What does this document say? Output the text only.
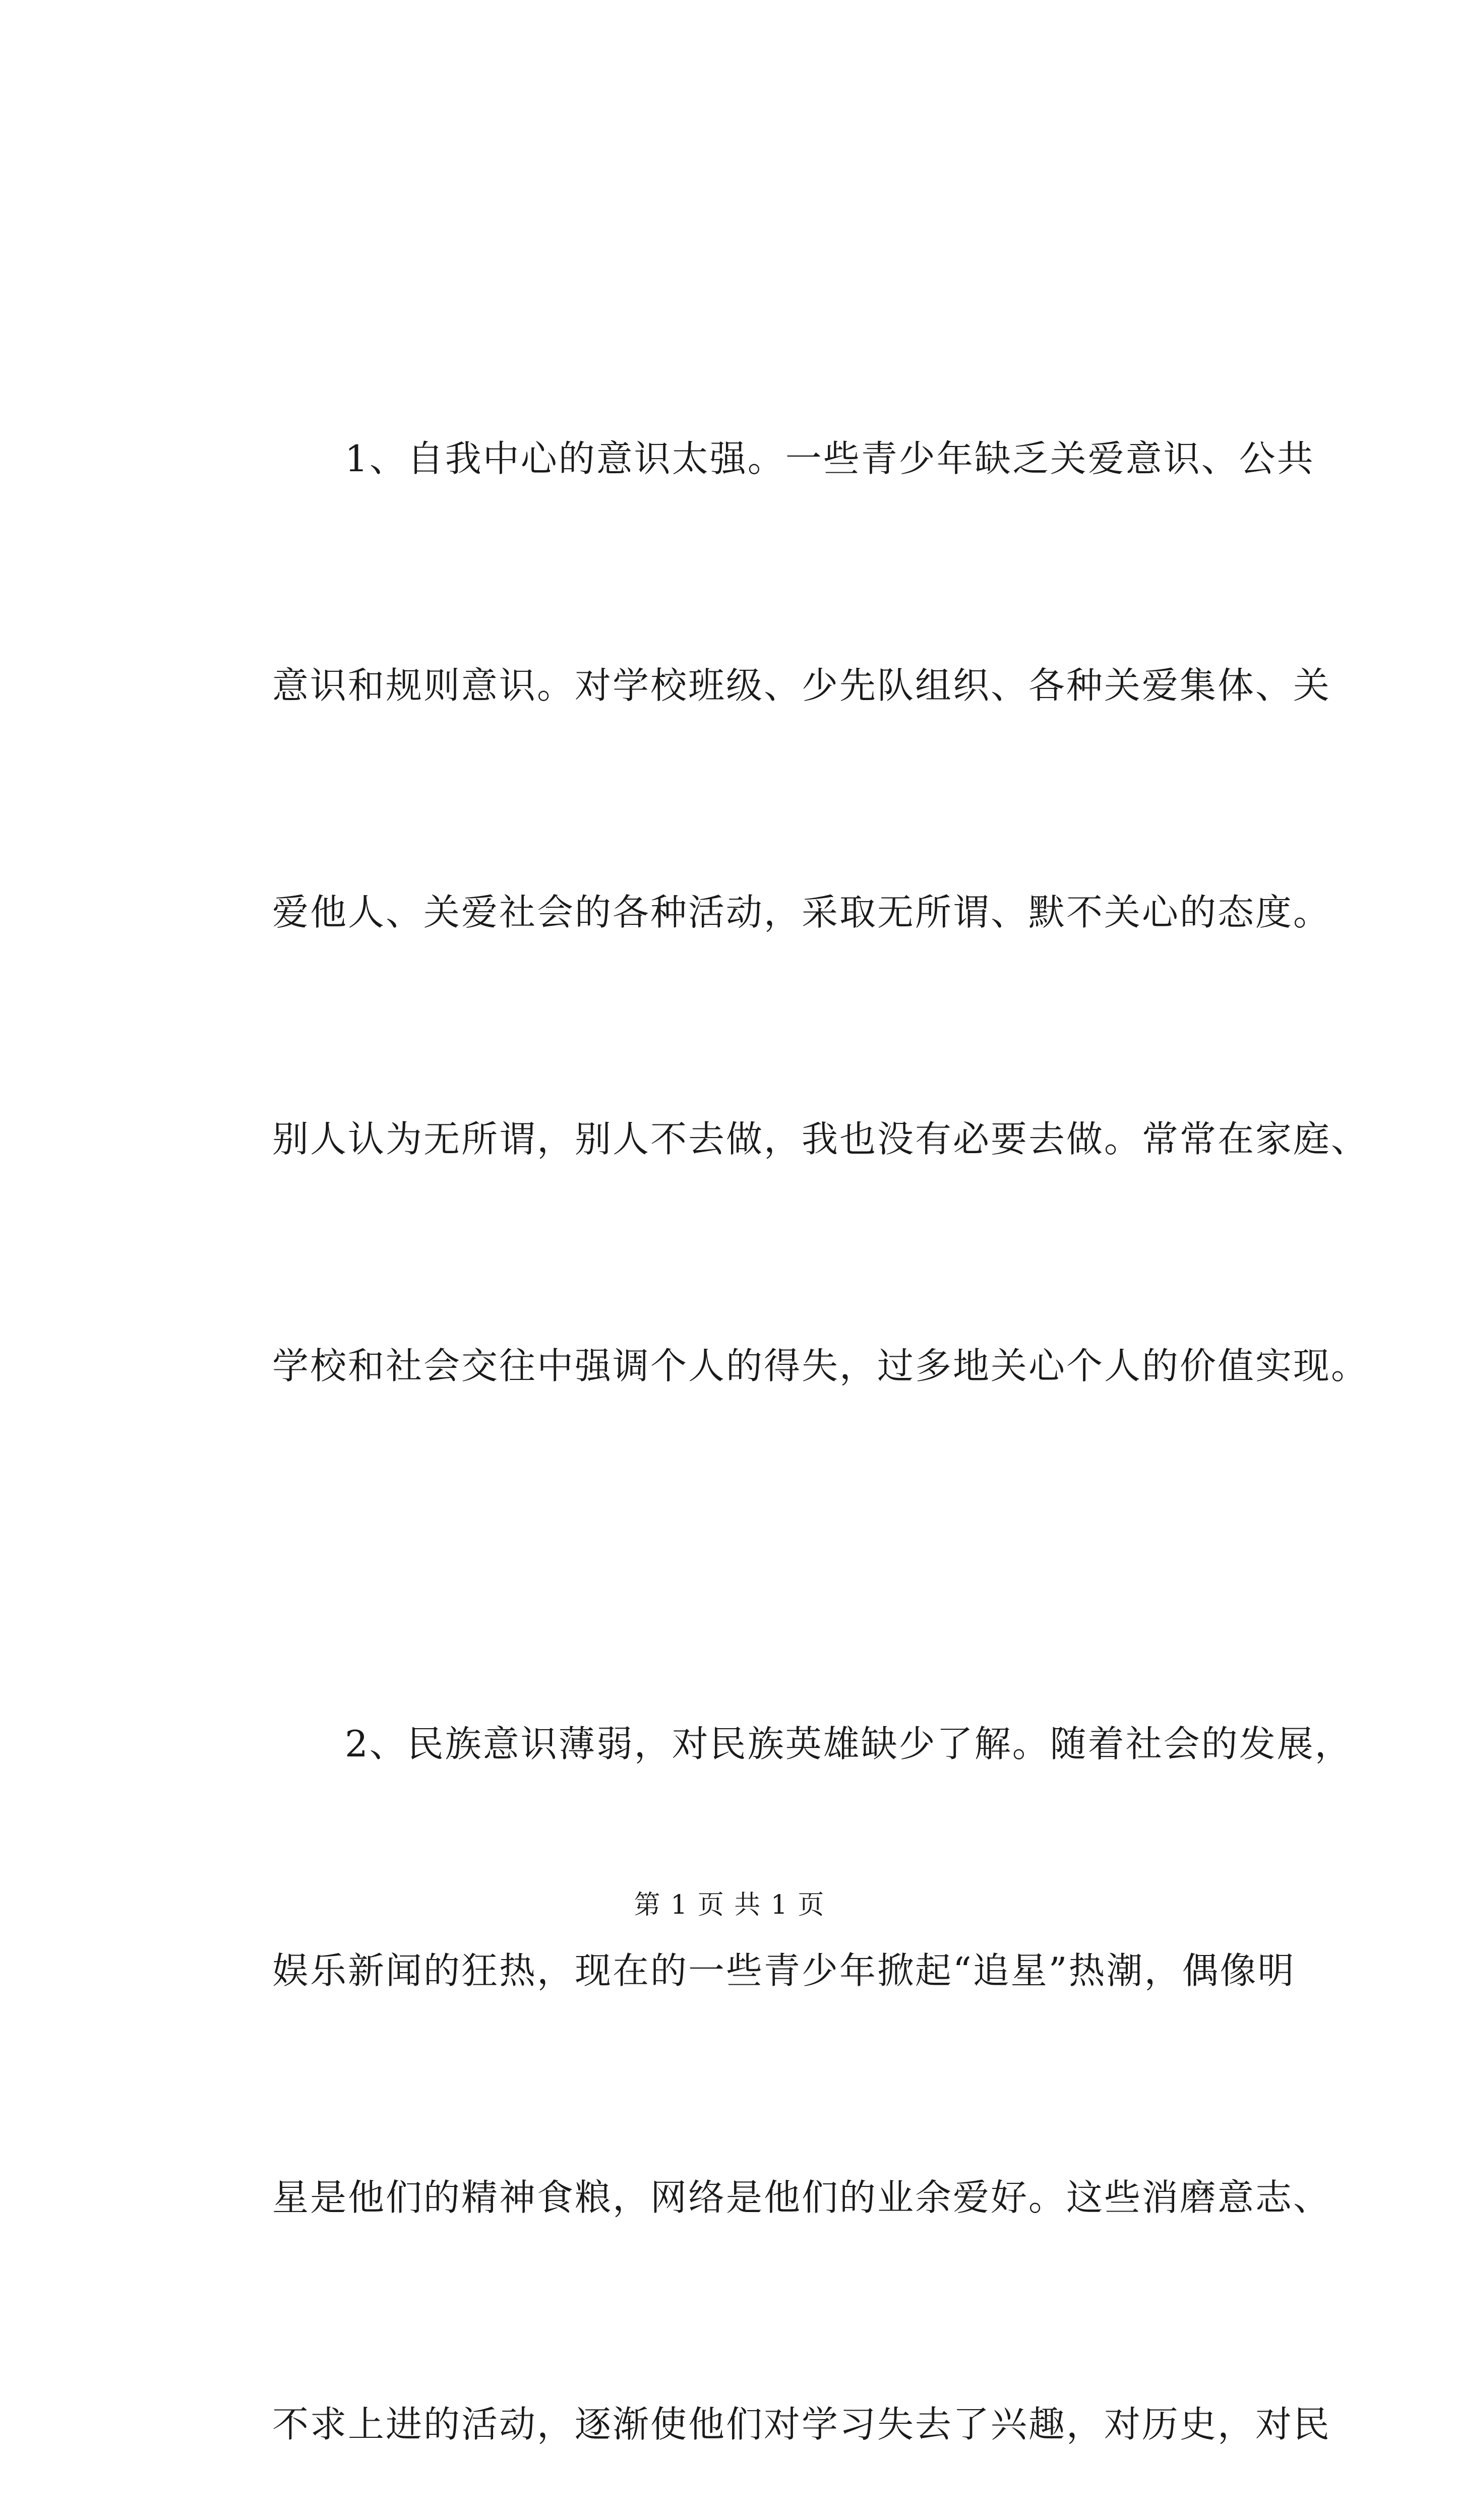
1、自我中心的意识太强。一些青少年缺乏关爱意识、公共

意识和规则意识。对学校班级、少先队组织、各种关爱集体、关

爱他人、关爱社会的各种活动，采取无所谓、默不关心的态度。

别人认为无所谓，别人不去做，我也没有必要去做。常常在家庭、

学校和社会交往中强调个人的得失，过多地关心个人的价值实现。

2、民族意识薄弱，对民族英雄缺少了解。随着社会的发展，

娱乐新闻的狂热，现在的一些青少年掀起“追星”热潮，偶像明

星是他们的精神食粮，网络是他们的业余爱好。这些消磨意志、

不求上进的活动，逐渐使他们对学习失去了兴趣，对历史，对民

第 1 页 共 1 页
